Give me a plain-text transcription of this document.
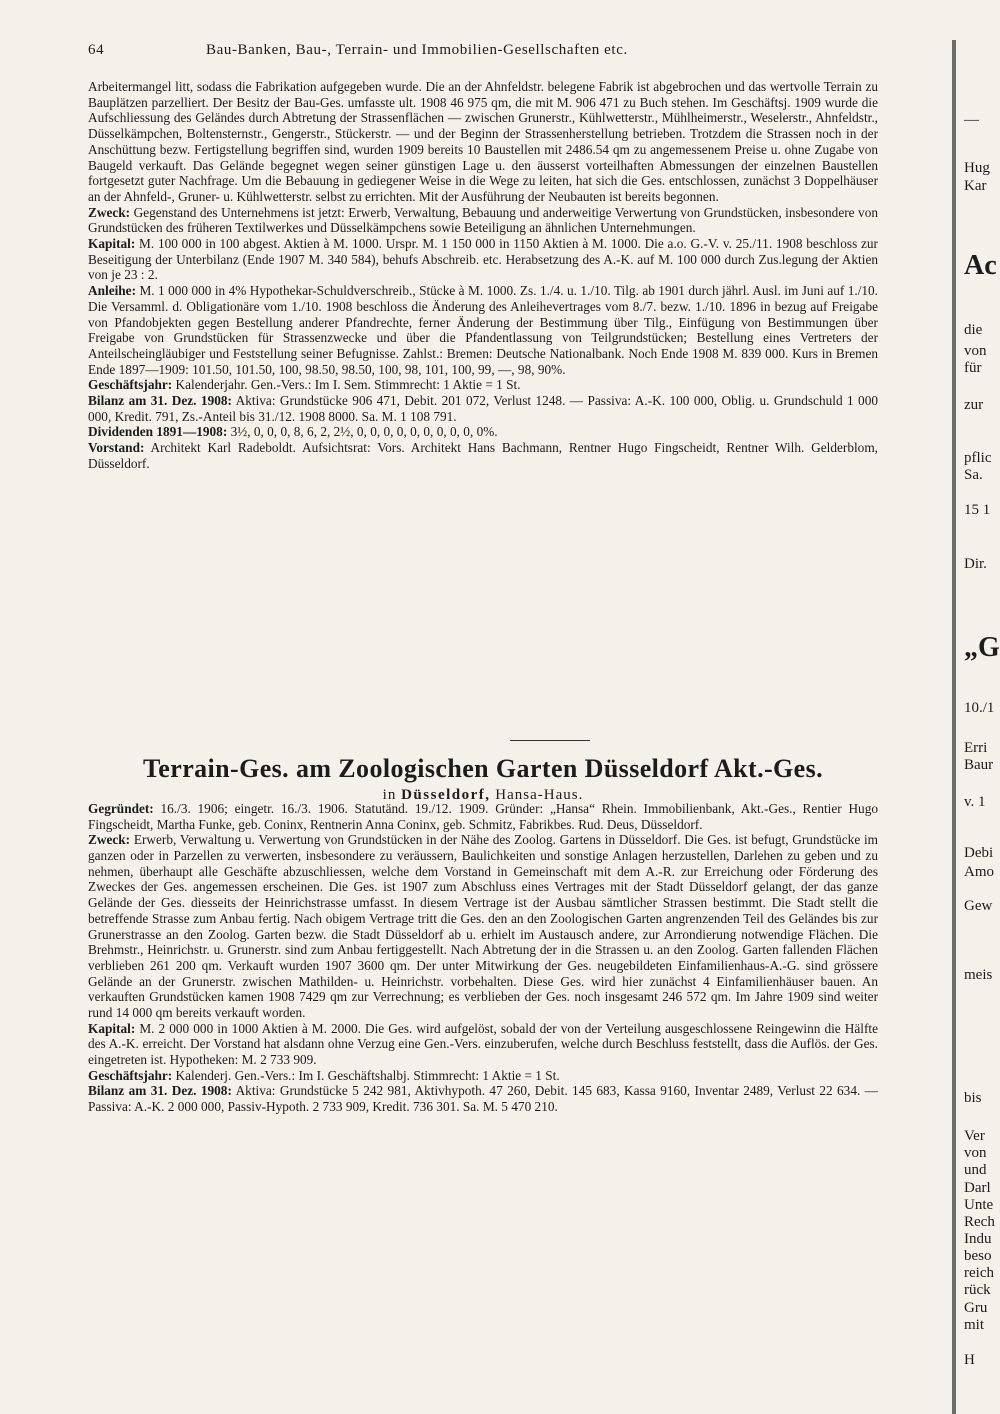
64	Bau-Banken, Bau-, Terrain- und Immobilien-Gesellschaften etc.

Arbeitermangel litt, sodass die Fabrikation aufgegeben wurde. Die an der Ahnfeldstr. belegene Fabrik ist abgebrochen und das wertvolle Terrain zu Bauplätzen parzelliert. Der Besitz der Bau-Ges. umfasste ult. 1908 46 975 qm, die mit M. 906 471 zu Buch stehen. Im Geschäftsj. 1909 wurde die Aufschliessung des Geländes durch Abtretung der Strassenflächen — zwischen Grunerstr., Kühlwetterstr., Mühlheimerstr., Weselerstr., Ahnfeldstr., Düsselkämpchen, Boltensternstr., Gengerstr., Stückerstr. — und der Beginn der Strassenherstellung betrieben. Trotzdem die Strassen noch in der Anschüttung bezw. Fertigstellung begriffen sind, wurden 1909 bereits 10 Baustellen mit 2486.54 qm zu angemessenem Preise u. ohne Zugabe von Baugeld verkauft. Das Gelände begegnet wegen seiner günstigen Lage u. den äusserst vorteilhaften Abmessungen der einzelnen Baustellen fortgesetzt guter Nachfrage. Um die Bebauung in gediegener Weise in die Wege zu leiten, hat sich die Ges. entschlossen, zunächst 3 Doppelhäuser an der Ahnfeld-, Gruner- u. Kühlwetterstr. selbst zu errichten. Mit der Ausführung der Neubauten ist bereits begonnen.

Zweck: Gegenstand des Unternehmens ist jetzt: Erwerb, Verwaltung, Bebauung und anderweitige Verwertung von Grundstücken, insbesondere von Grundstücken des früheren Textilwerkes und Düsselkämpchens sowie Beteiligung an ähnlichen Unternehmungen.

Kapital: M. 100 000 in 100 abgest. Aktien à M. 1000. Urspr. M. 1 150 000 in 1150 Aktien à M. 1000. Die a.o. G.-V. v. 25./11. 1908 beschloss zur Beseitigung der Unterbilanz (Ende 1907 M. 340 584), behufs Abschreib. etc. Herabsetzung des A.-K. auf M. 100 000 durch Zus.legung der Aktien von je 23 : 2.

Anleihe: M. 1 000 000 in 4% Hypothekar-Schuldverschreib., Stücke à M. 1000. Zs. 1./4. u. 1./10. Tilg. ab 1901 durch jährl. Ausl. im Juni auf 1./10. Die Versamml. d. Obligationäre vom 1./10. 1908 beschloss die Änderung des Anleihevertrages vom 8./7. bezw. 1./10. 1896 in bezug auf Freigabe von Pfandobjekten gegen Bestellung anderer Pfandrechte, ferner Änderung der Bestimmung über Tilg., Einfügung von Bestimmungen über Freigabe von Grundstücken für Strassenzwecke und über die Pfandentlassung von Teilgrundstücken; Bestellung eines Vertreters der Anteilscheingläubiger und Feststellung seiner Befugnisse. Zahlst.: Bremen: Deutsche Nationalbank. Noch Ende 1908 M. 839 000. Kurs in Bremen Ende 1897—1909: 101.50, 101.50, 100, 98.50, 98.50, 100, 98, 101, 100, 99, —, 98, 90%.

Geschäftsjahr: Kalenderjahr. Gen.-Vers.: Im I. Sem. Stimmrecht: 1 Aktie = 1 St.

Bilanz am 31. Dez. 1908: Aktiva: Grundstücke 906 471, Debit. 201 072, Verlust 1248. — Passiva: A.-K. 100 000, Oblig. u. Grundschuld 1 000 000, Kredit. 791, Zs.-Anteil bis 31./12. 1908 8000. Sa. M. 1 108 791.

Dividenden 1891—1908: 3½, 0, 0, 0, 8, 6, 2, 2½, 0, 0, 0, 0, 0, 0, 0, 0, 0, 0%.

Vorstand: Architekt Karl Radeboldt. Aufsichtsrat: Vors. Architekt Hans Bachmann, Rentner Hugo Fingscheidt, Rentner Wilh. Gelderblom, Düsseldorf.

Terrain-Ges. am Zoologischen Garten Düsseldorf Akt.-Ges.
in Düsseldorf, Hansa-Haus.

Gegründet: 16./3. 1906; eingetr. 16./3. 1906. Statutänd. 19./12. 1909. Gründer: „Hansa“ Rhein. Immobilienbank, Akt.-Ges., Rentier Hugo Fingscheidt, Martha Funke, geb. Coninx, Rentnerin Anna Coninx, geb. Schmitz, Fabrikbes. Rud. Deus, Düsseldorf.

Zweck: Erwerb, Verwaltung u. Verwertung von Grundstücken in der Nähe des Zoolog. Gartens in Düsseldorf. Die Ges. ist befugt, Grundstücke im ganzen oder in Parzellen zu verwerten, insbesondere zu veräussern, Baulichkeiten und sonstige Anlagen herzustellen, Darlehen zu geben und zu nehmen, überhaupt alle Geschäfte abzuschliessen, welche dem Vorstand in Gemeinschaft mit dem A.-R. zur Erreichung oder Förderung des Zweckes der Ges. angemessen erscheinen. Die Ges. ist 1907 zum Abschluss eines Vertrages mit der Stadt Düsseldorf gelangt, der das ganze Gelände der Ges. diesseits der Heinrichstrasse umfasst. In diesem Vertrage ist der Ausbau sämtlicher Strassen bestimmt. Die Stadt stellt die betreffende Strasse zum Anbau fertig. Nach obigem Vertrage tritt die Ges. den an den Zoologischen Garten angrenzenden Teil des Geländes bis zur Grunerstrasse an den Zoolog. Garten bezw. die Stadt Düsseldorf ab u. erhielt im Austausch andere, zur Arrondierung notwendige Flächen. Die Brehmstr., Heinrichstr. u. Grunerstr. sind zum Anbau fertiggestellt. Nach Abtretung der in die Strassen u. an den Zoolog. Garten fallenden Flächen verblieben 261 200 qm. Verkauft wurden 1907 3600 qm. Der unter Mitwirkung der Ges. neugebildeten Einfamilienhaus-A.-G. sind grössere Gelände an der Grunerstr. zwischen Mathilden- u. Heinrichstr. vorbehalten. Diese Ges. wird hier zunächst 4 Einfamilienhäuser bauen. An verkauften Grundstücken kamen 1908 7429 qm zur Verrechnung; es verblieben der Ges. noch insgesamt 246 572 qm. Im Jahre 1909 sind weiter rund 14 000 qm bereits verkauft worden.

Kapital: M. 2 000 000 in 1000 Aktien à M. 2000. Die Ges. wird aufgelöst, sobald der von der Verteilung ausgeschlossene Reingewinn die Hälfte des A.-K. erreicht. Der Vorstand hat alsdann ohne Verzug eine Gen.-Vers. einzuberufen, welche durch Beschluss feststellt, dass die Auflös. der Ges. eingetreten ist. Hypotheken: M. 2 733 909.

Geschäftsjahr: Kalenderj. Gen.-Vers.: Im I. Geschäftshalbj. Stimmrecht: 1 Aktie = 1 St.

Bilanz am 31. Dez. 1908: Aktiva: Grundstücke 5 242 981, Aktivhypoth. 47 260, Debit. 145 683, Kassa 9160, Inventar 2489, Verlust 22 634. — Passiva: A.-K. 2 000 000, Passiv-Hypoth. 2 733 909, Kredit. 736 301. Sa. M. 5 470 210.

—
Hug
Kar
Ac
die
von
für
zur
pflic
Sa.
15 1
Dir.
„G
10./1
Erri
Baur
v. 1
Debi
Amo
Gew
meis
bis
Ver
von
und
Darl
Unte
Rech
Indu
beso
reich
rück
Gru
mit
H
